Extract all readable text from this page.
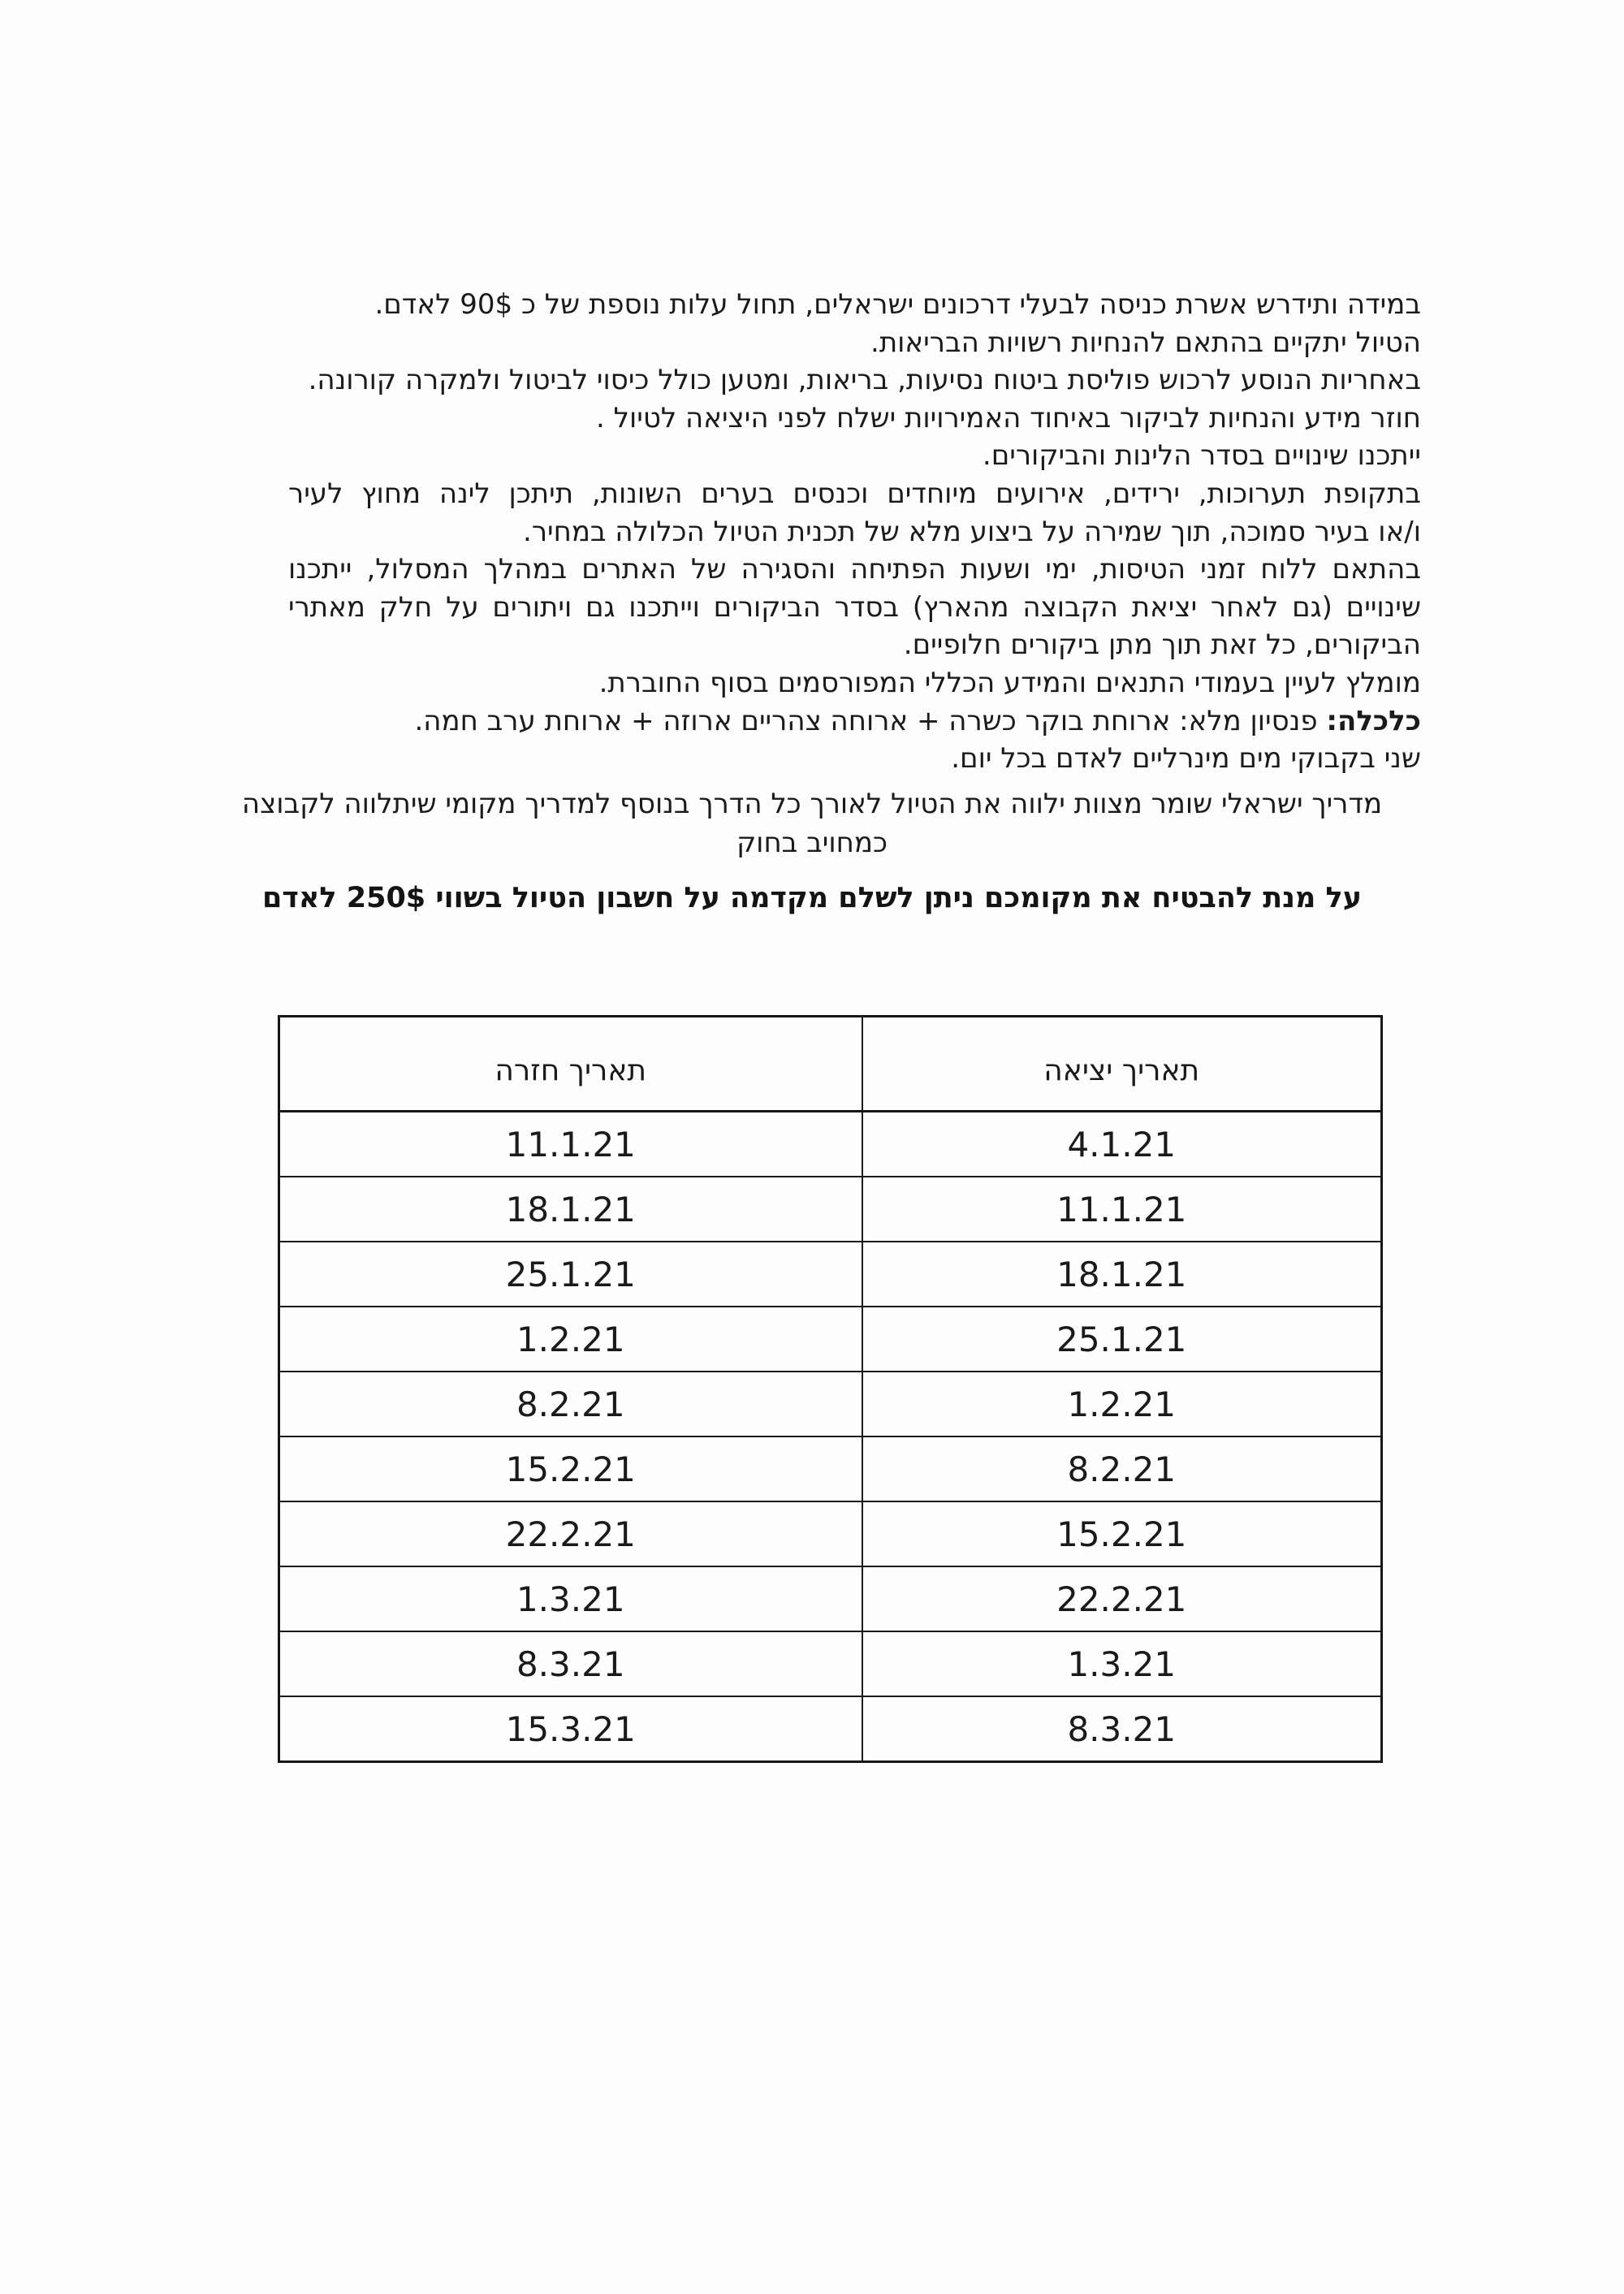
במידה ותידרש אשרת כניסה לבעלי דרכונים ישראלים, תחול עלות נוספת של כ 90$ לאדם.
הטיול יתקיים בהתאם להנחיות רשויות הבריאות.
באחריות הנוסע לרכוש פוליסת ביטוח נסיעות, בריאות, ומטען כולל כיסוי לביטול ולמקרה קורונה.
חוזר מידע והנחיות לביקור באיחוד האמירויות ישלח לפני היציאה לטיול .
ייתכנו שינויים בסדר הלינות והביקורים.
בתקופת תערוכות, ירידים, אירועים מיוחדים וכנסים בערים השונות, תיתכן לינה מחוץ לעיר
ו/או בעיר סמוכה, תוך שמירה על ביצוע מלא של תכנית הטיול הכלולה במחיר.
בהתאם ללוח זמני הטיסות, ימי ושעות הפתיחה והסגירה של האתרים במהלך המסלול, ייתכנו
שינויים (גם לאחר יציאת הקבוצה מהארץ) בסדר הביקורים וייתכנו גם ויתורים על חלק מאתרי
הביקורים, כל זאת תוך מתן ביקורים חלופיים.
מומלץ לעיין בעמודי התנאים והמידע הכללי המפורסמים בסוף החוברת.
כלכלה: פנסיון מלא: ארוחת בוקר כשרה + ארוחה צהריים ארוזה + ארוחת ערב חמה.
שני בקבוקי מים מינרליים לאדם בכל יום.
מדריך ישראלי שומר מצוות ילווה את הטיול לאורך כל הדרך בנוסף למדריך מקומי שיתלווה לקבוצה
כמחויב בחוק
על מנת להבטיח את מקומכם ניתן לשלם מקדמה על חשבון הטיול בשווי 250$ לאדם
תאריך יציאה	תאריך חזרה
4.1.21	11.1.21
11.1.21	18.1.21
18.1.21	25.1.21
25.1.21	1.2.21
1.2.21	8.2.21
8.2.21	15.2.21
15.2.21	22.2.21
22.2.21	1.3.21
1.3.21	8.3.21
8.3.21	15.3.21
